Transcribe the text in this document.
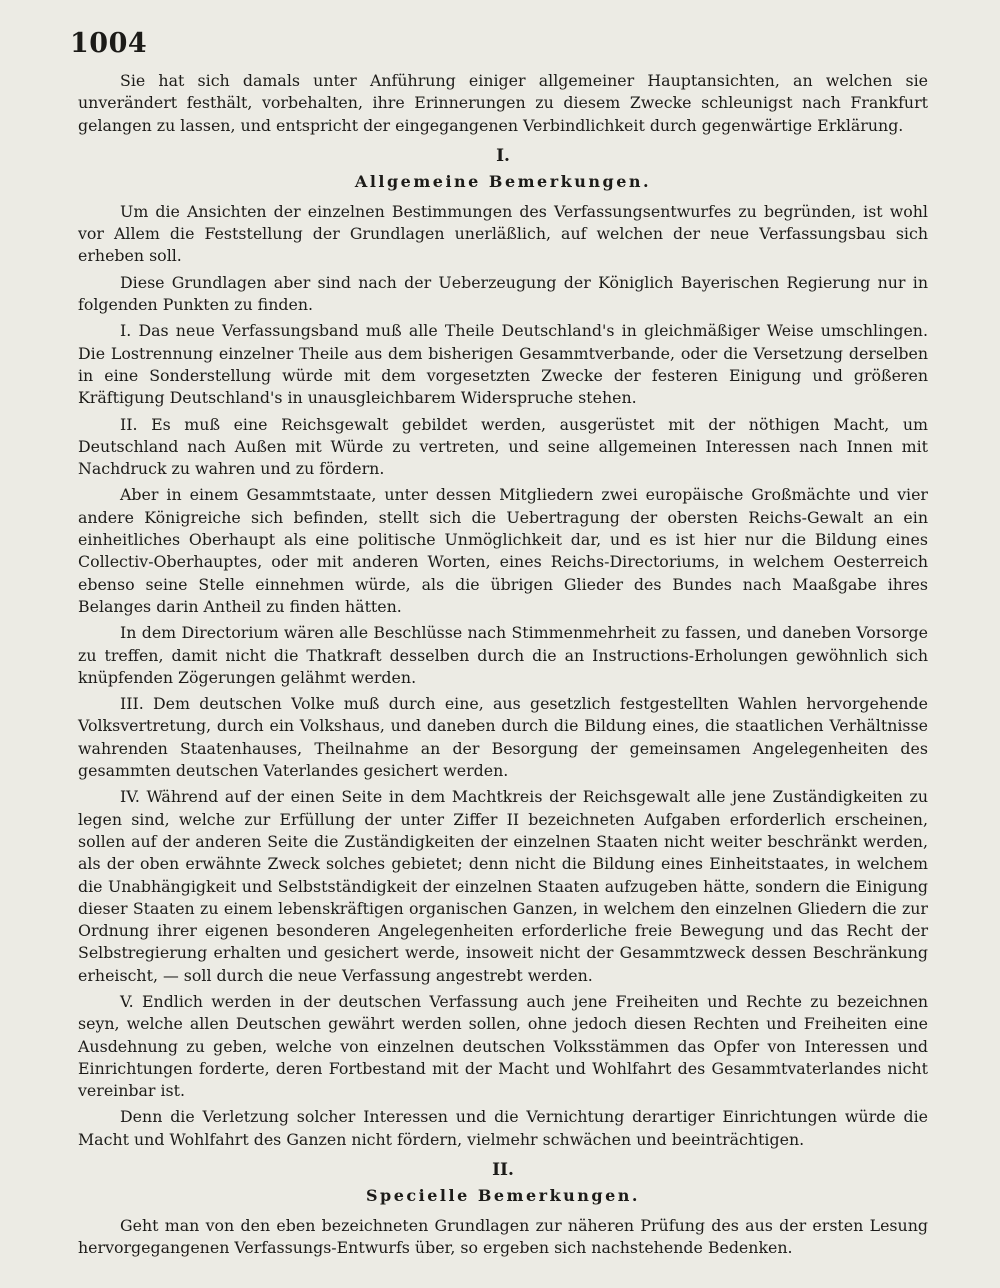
1004

Sie hat sich damals unter Anführung einiger allgemeiner Hauptansichten, an welchen sie unverändert festhält, vorbehalten, ihre Erinnerungen zu diesem Zwecke schleunigst nach Frankfurt gelangen zu lassen, und entspricht der eingegangenen Verbindlichkeit durch gegenwärtige Erklärung.

I.
Allgemeine Bemerkungen.

Um die Ansichten der einzelnen Bestimmungen des Verfassungsentwurfes zu begründen, ist wohl vor Allem die Feststellung der Grundlagen unerläßlich, auf welchen der neue Verfassungsbau sich erheben soll.

Diese Grundlagen aber sind nach der Ueberzeugung der Königlich Bayerischen Regierung nur in folgenden Punkten zu finden.

I. Das neue Verfassungsband muß alle Theile Deutschland's in gleichmäßiger Weise umschlingen. Die Lostrennung einzelner Theile aus dem bisherigen Gesammtverbande, oder die Versetzung derselben in eine Sonderstellung würde mit dem vorgesetzten Zwecke der festeren Einigung und größeren Kräftigung Deutschland's in unausgleichbarem Widerspruche stehen.

II. Es muß eine Reichsgewalt gebildet werden, ausgerüstet mit der nöthigen Macht, um Deutschland nach Außen mit Würde zu vertreten, und seine allgemeinen Interessen nach Innen mit Nachdruck zu wahren und zu fördern.

Aber in einem Gesammtstaate, unter dessen Mitgliedern zwei europäische Großmächte und vier andere Königreiche sich befinden, stellt sich die Uebertragung der obersten Reichs-Gewalt an ein einheitliches Oberhaupt als eine politische Unmöglichkeit dar, und es ist hier nur die Bildung eines Collectiv-Oberhauptes, oder mit anderen Worten, eines Reichs-Directoriums, in welchem Oesterreich ebenso seine Stelle einnehmen würde, als die übrigen Glieder des Bundes nach Maaßgabe ihres Belanges darin Antheil zu finden hätten.

In dem Directorium wären alle Beschlüsse nach Stimmenmehrheit zu fassen, und daneben Vorsorge zu treffen, damit nicht die Thatkraft desselben durch die an Instructions-Erholungen gewöhnlich sich knüpfenden Zögerungen gelähmt werden.

III. Dem deutschen Volke muß durch eine, aus gesetzlich festgestellten Wahlen hervorgehende Volksvertretung, durch ein Volkshaus, und daneben durch die Bildung eines, die staatlichen Verhältnisse wahrenden Staatenhauses, Theilnahme an der Besorgung der gemeinsamen Angelegenheiten des gesammten deutschen Vaterlandes gesichert werden.

IV. Während auf der einen Seite in dem Machtkreis der Reichsgewalt alle jene Zuständigkeiten zu legen sind, welche zur Erfüllung der unter Ziffer II bezeichneten Aufgaben erforderlich erscheinen, sollen auf der anderen Seite die Zuständigkeiten der einzelnen Staaten nicht weiter beschränkt werden, als der oben erwähnte Zweck solches gebietet; denn nicht die Bildung eines Einheitstaates, in welchem die Unabhängigkeit und Selbstständigkeit der einzelnen Staaten aufzugeben hätte, sondern die Einigung dieser Staaten zu einem lebenskräftigen organischen Ganzen, in welchem den einzelnen Gliedern die zur Ordnung ihrer eigenen besonderen Angelegenheiten erforderliche freie Bewegung und das Recht der Selbstregierung erhalten und gesichert werde, insoweit nicht der Gesammtzweck dessen Beschränkung erheischt, — soll durch die neue Verfassung angestrebt werden.

V. Endlich werden in der deutschen Verfassung auch jene Freiheiten und Rechte zu bezeichnen seyn, welche allen Deutschen gewährt werden sollen, ohne jedoch diesen Rechten und Freiheiten eine Ausdehnung zu geben, welche von einzelnen deutschen Volksstämmen das Opfer von Interessen und Einrichtungen forderte, deren Fortbestand mit der Macht und Wohlfahrt des Gesammtvaterlandes nicht vereinbar ist.

Denn die Verletzung solcher Interessen und die Vernichtung derartiger Einrichtungen würde die Macht und Wohlfahrt des Ganzen nicht fördern, vielmehr schwächen und beeinträchtigen.

II.
Specielle Bemerkungen.

Geht man von den eben bezeichneten Grundlagen zur näheren Prüfung des aus der ersten Lesung hervorgegangenen Verfassungs-Entwurfs über, so ergeben sich nachstehende Bedenken.
